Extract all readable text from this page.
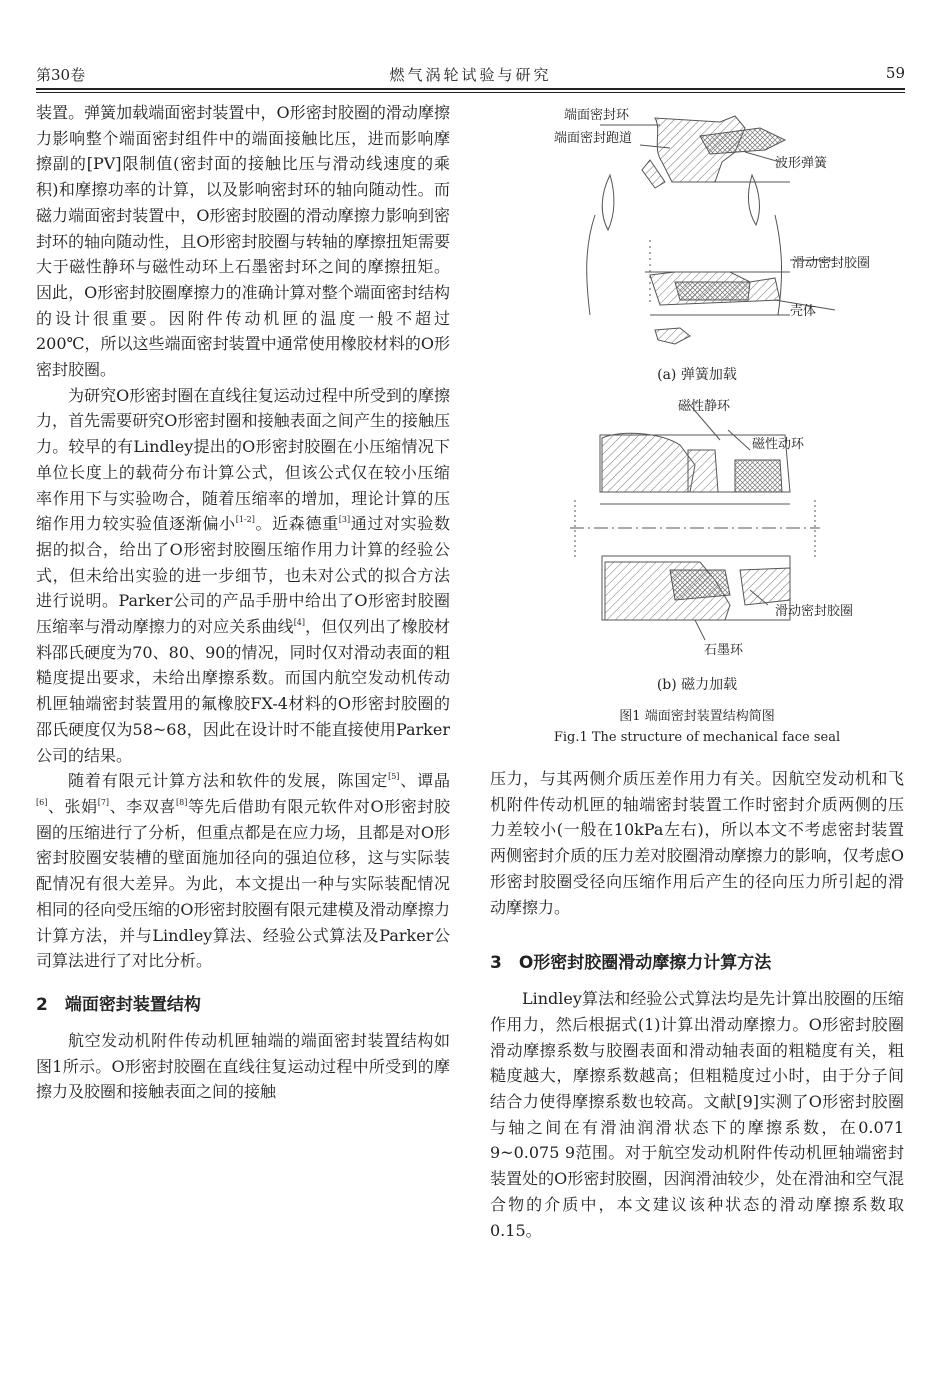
第30卷	燃气涡轮试验与研究	59

装置。弹簧加载端面密封装置中，O形密封胶圈的滑动摩擦力影响整个端面密封组件中的端面接触比压，进而影响摩擦副的[PV]限制值(密封面的接触比压与滑动线速度的乘积)和摩擦功率的计算，以及影响密封环的轴向随动性。而磁力端面密封装置中，O形密封胶圈的滑动摩擦力影响到密封环的轴向随动性，且O形密封胶圈与转轴的摩擦扭矩需要大于磁性静环与磁性动环上石墨密封环之间的摩擦扭矩。因此，O形密封胶圈摩擦力的准确计算对整个端面密封结构的设计很重要。因附件传动机匣的温度一般不超过200℃，所以这些端面密封装置中通常使用橡胶材料的O形密封胶圈。

为研究O形密封圈在直线往复运动过程中所受到的摩擦力，首先需要研究O形密封圈和接触表面之间产生的接触压力。较早的有Lindley提出的O形密封胶圈在小压缩情况下单位长度上的载荷分布计算公式，但该公式仅在较小压缩率作用下与实验吻合，随着压缩率的增加，理论计算的压缩作用力较实验值逐渐偏小[1-2]。近森德重[3]通过对实验数据的拟合，给出了O形密封胶圈压缩作用力计算的经验公式，但未给出实验的进一步细节，也未对公式的拟合方法进行说明。Parker公司的产品手册中给出了O形密封胶圈压缩率与滑动摩擦力的对应关系曲线[4]，但仅列出了橡胶材料邵氏硬度为70、80、90的情况，同时仅对滑动表面的粗糙度提出要求，未给出摩擦系数。而国内航空发动机传动机匣轴端密封装置用的氟橡胶FX-4材料的O形密封胶圈的邵氏硬度仅为58~68，因此在设计时不能直接使用Parker公司的结果。

随着有限元计算方法和软件的发展，陈国定[5]、谭晶[6]、张娟[7]、李双喜[8]等先后借助有限元软件对O形密封胶圈的压缩进行了分析，但重点都是在应力场，且都是对O形密封胶圈安装槽的壁面施加径向的强迫位移，这与实际装配情况有很大差异。为此，本文提出一种与实际装配情况相同的径向受压缩的O形密封胶圈有限元建模及滑动摩擦力计算方法，并与Lindley算法、经验公式算法及Parker公司算法进行了对比分析。

2　端面密封装置结构

航空发动机附件传动机匣轴端的端面密封装置结构如图1所示。O形密封胶圈在直线往复运动过程中所受到的摩擦力及胶圈和接触表面之间的接触

端面密封环
端面密封跑道
波形弹簧
滑动密封胶圈
壳体
(a) 弹簧加载
磁性静环
磁性动环
滑动密封胶圈
石墨环
(b) 磁力加载
图1 端面密封装置结构简图
Fig.1 The structure of mechanical face seal

压力，与其两侧介质压差作用力有关。因航空发动机和飞机附件传动机匣的轴端密封装置工作时密封介质两侧的压力差较小(一般在10kPa左右)，所以本文不考虑密封装置两侧密封介质的压力差对胶圈滑动摩擦力的影响，仅考虑O形密封胶圈受径向压缩作用后产生的径向压力所引起的滑动摩擦力。

3　O形密封胶圈滑动摩擦力计算方法

Lindley算法和经验公式算法均是先计算出胶圈的压缩作用力，然后根据式(1)计算出滑动摩擦力。O形密封胶圈滑动摩擦系数与胶圈表面和滑动轴表面的粗糙度有关，粗糙度越大，摩擦系数越高；但粗糙度过小时，由于分子间结合力使得摩擦系数也较高。文献[9]实测了O形密封胶圈与轴之间在有滑油润滑状态下的摩擦系数，在0.071 9~0.075 9范围。对于航空发动机附件传动机匣轴端密封装置处的O形密封胶圈，因润滑油较少，处在滑油和空气混合物的介质中，本文建议该种状态的滑动摩擦系数取0.15。
